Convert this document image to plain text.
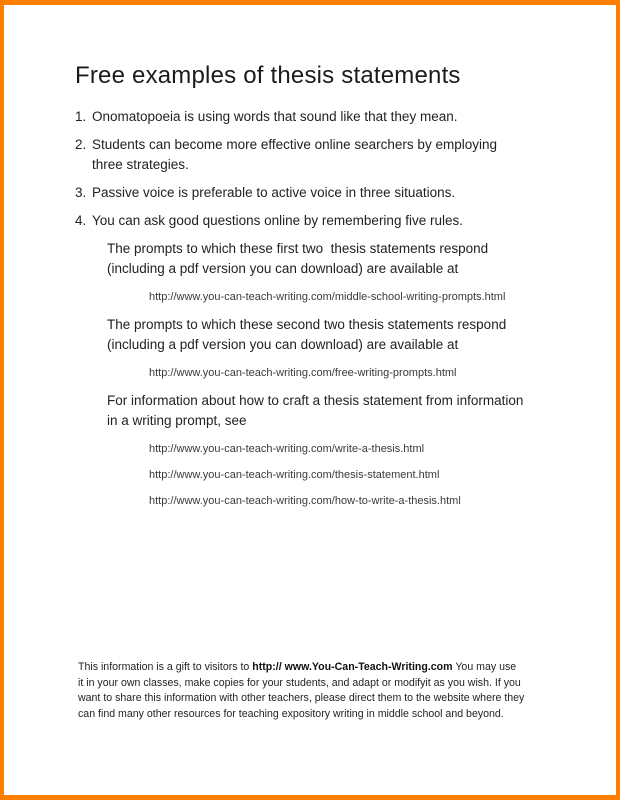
Free examples of thesis statements
1. Onomatopoeia is using words that sound like that they mean.
2. Students can become more effective online searchers by employing
three strategies.
3. Passive voice is preferable to active voice in three situations.
4. You can ask good questions online by remembering five rules.
The prompts to which these first two  thesis statements respond
(including a pdf version you can download) are available at
http://www.you-can-teach-writing.com/middle-school-writing-prompts.html
The prompts to which these second two thesis statements respond
(including a pdf version you can download) are available at
http://www.you-can-teach-writing.com/free-writing-prompts.html
For information about how to craft a thesis statement from information
in a writing prompt, see
http://www.you-can-teach-writing.com/write-a-thesis.html
http://www.you-can-teach-writing.com/thesis-statement.html
http://www.you-can-teach-writing.com/how-to-write-a-thesis.html
This information is a gift to visitors to http:// www.You-Can-Teach-Writing.com You may use
it in your own classes, make copies for your students, and adapt or modifyit as you wish. If you
want to share this information with other teachers, please direct them to the website where they
can find many other resources for teaching expository writing in middle school and beyond.
